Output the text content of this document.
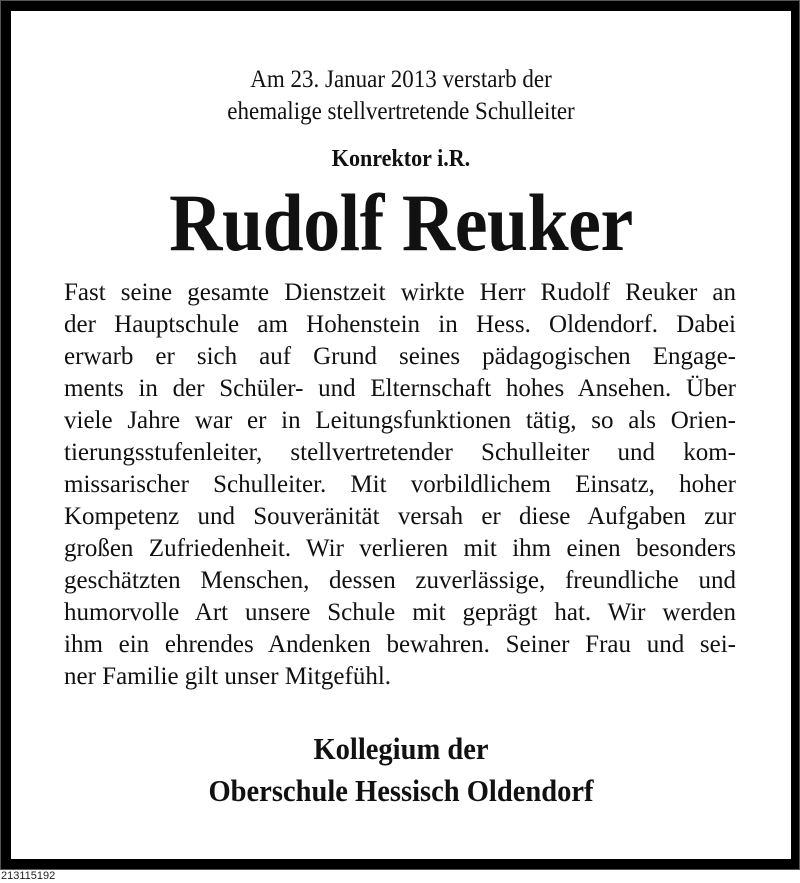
Am 23. Januar 2013 verstarb der
ehemalige stellvertretende Schulleiter
Konrektor i.R.
Rudolf Reuker
Fast seine gesamte Dienstzeit wirkte Herr Rudolf Reuker an
der Hauptschule am Hohenstein in Hess. Oldendorf. Dabei
erwarb er sich auf Grund seines pädagogischen Engage-
ments in der Schüler- und Elternschaft hohes Ansehen. Über
viele Jahre war er in Leitungsfunktionen tätig, so als Orien-
tierungsstufenleiter, stellvertretender Schulleiter und kom-
missarischer Schulleiter. Mit vorbildlichem Einsatz, hoher
Kompetenz und Souveränität versah er diese Aufgaben zur
großen Zufriedenheit. Wir verlieren mit ihm einen besonders
geschätzten Menschen, dessen zuverlässige, freundliche und
humorvolle Art unsere Schule mit geprägt hat. Wir werden
ihm ein ehrendes Andenken bewahren. Seiner Frau und sei-
ner Familie gilt unser Mitgefühl.
Kollegium der
Oberschule Hessisch Oldendorf
213115192
